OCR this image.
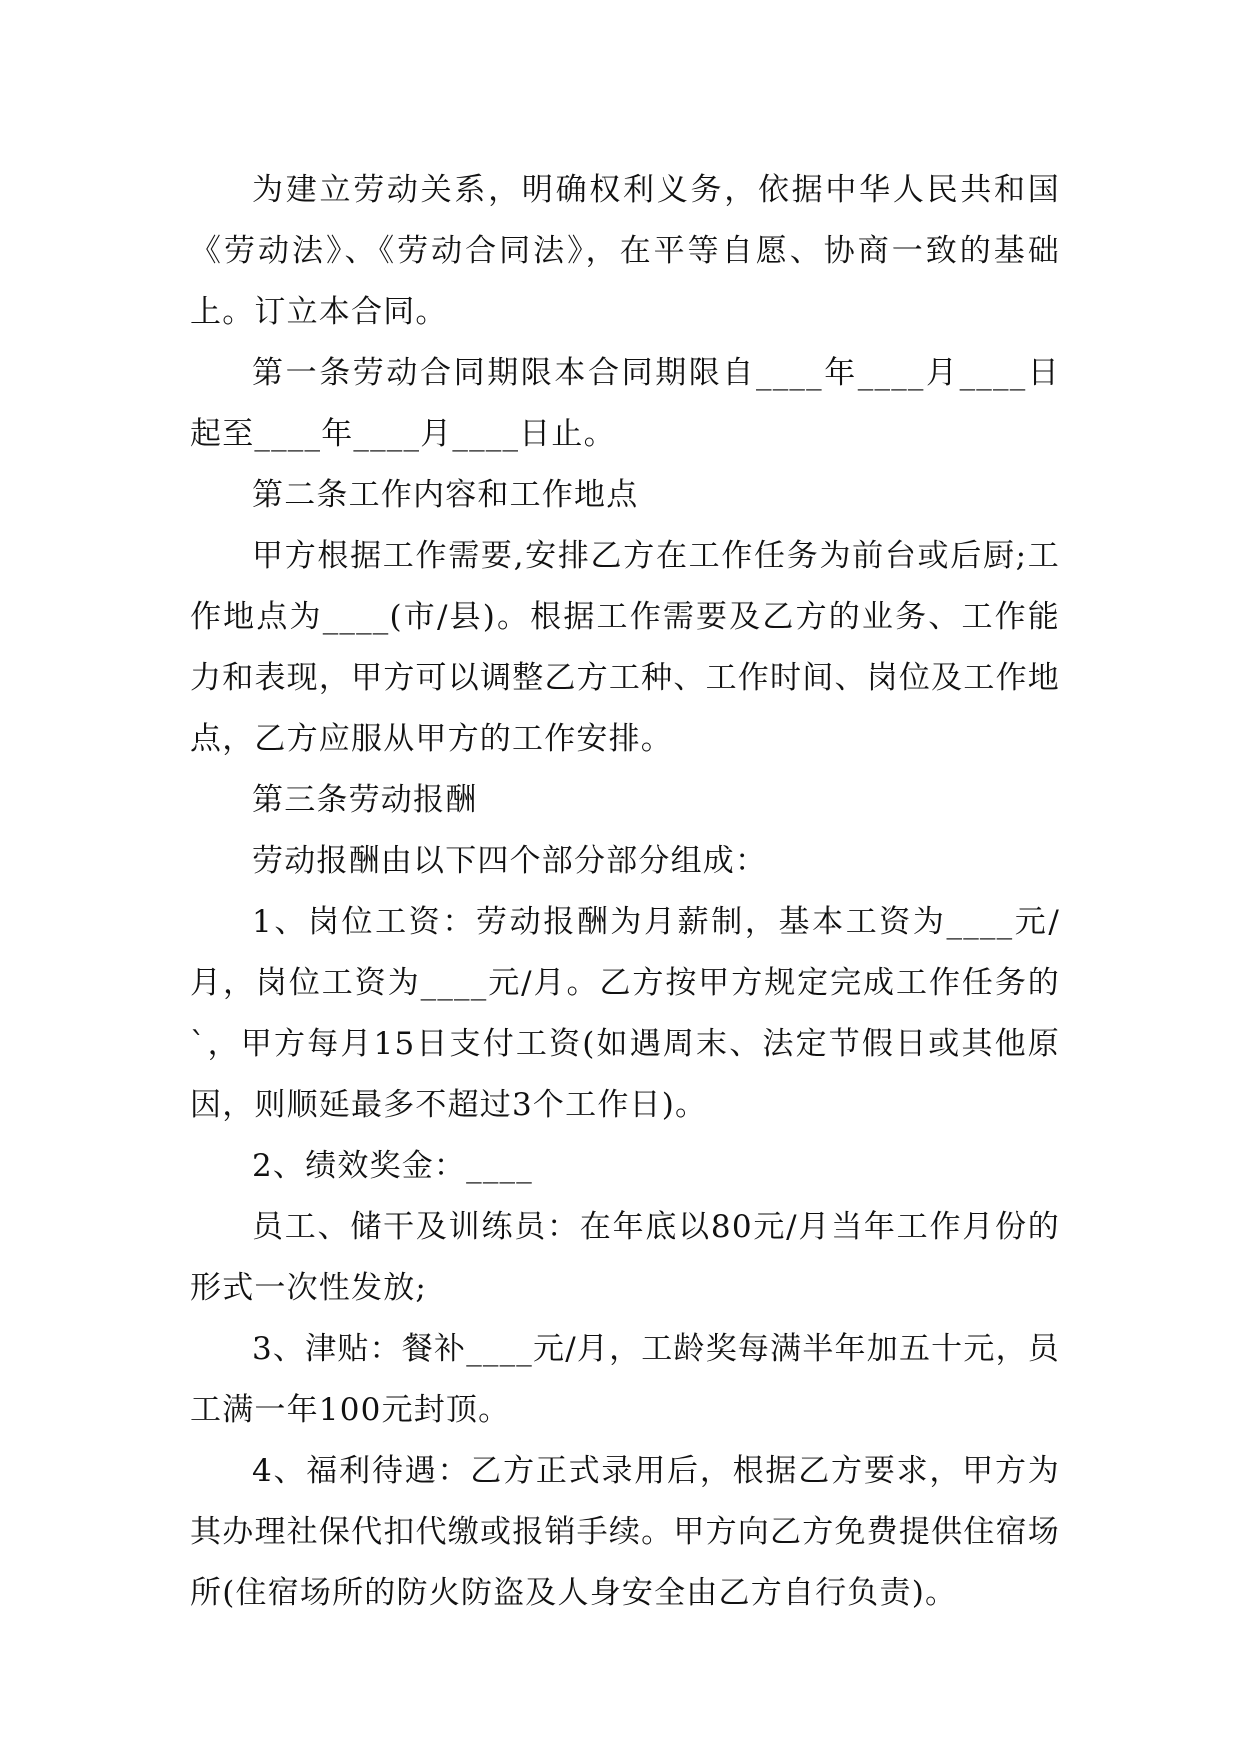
为建立劳动关系，明确权利义务，依据中华人民共和国《劳动法》、《劳动合同法》，在平等自愿、协商一致的基础上。订立本合同。

第一条劳动合同期限本合同期限自____年____月____日起至____年____月____日止。

第二条工作内容和工作地点

甲方根据工作需要,安排乙方在工作任务为前台或后厨;工作地点为____(市/县)。根据工作需要及乙方的业务、工作能力和表现，甲方可以调整乙方工种、工作时间、岗位及工作地点，乙方应服从甲方的工作安排。

第三条劳动报酬

劳动报酬由以下四个部分部分组成：

1、岗位工资：劳动报酬为月薪制，基本工资为____元/月，岗位工资为____元/月。乙方按甲方规定完成工作任务的`，甲方每月15日支付工资(如遇周末、法定节假日或其他原因，则顺延最多不超过3个工作日)。

2、绩效奖金：____

员工、储干及训练员：在年底以80元/月当年工作月份的形式一次性发放;

3、津贴：餐补____元/月，工龄奖每满半年加五十元，员工满一年100元封顶。

4、福利待遇：乙方正式录用后，根据乙方要求，甲方为其办理社保代扣代缴或报销手续。甲方向乙方免费提供住宿场所(住宿场所的防火防盗及人身安全由乙方自行负责)。
